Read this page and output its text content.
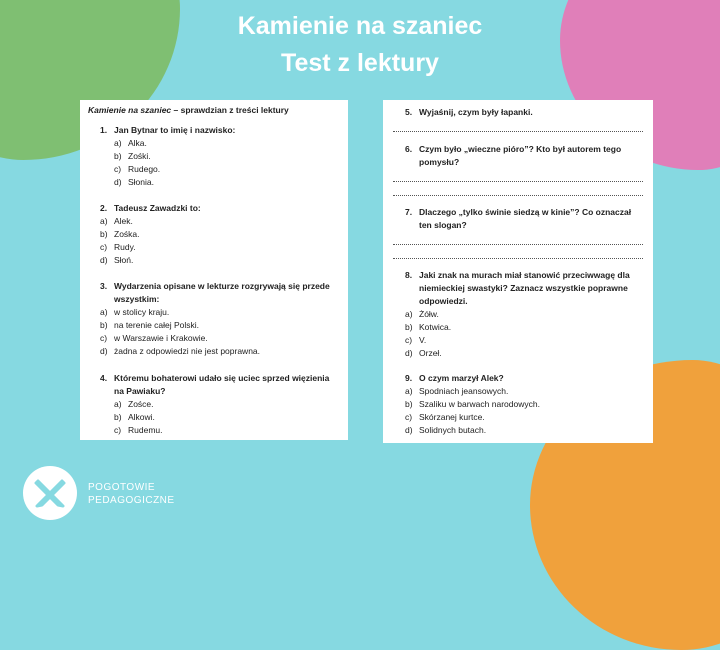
Kamienie na szaniec
Test z lektury
Kamienie na szaniec – sprawdzian z treści lektury
1. Jan Bytnar to imię i nazwisko:
a) Alka.
b) Zośki.
c) Rudego.
d) Słonia.
2. Tadeusz Zawadzki to:
a) Alek.
b) Zośka.
c) Rudy.
d) Słoń.
3. Wydarzenia opisane w lekturze rozgrywają się przede
wszystkim:
a) w stolicy kraju.
b) na terenie całej Polski.
c) w Warszawie i Krakowie.
d) żadna z odpowiedzi nie jest poprawna.
4. Któremu bohaterowi udało się uciec sprzed więzienia
na Pawiaku?
a) Zośce.
b) Alkowi.
c) Rudemu.
5. Wyjaśnij, czym były łapanki.
6. Czym było „wieczne pióro”? Kto był autorem tego
pomysłu?
7. Dlaczego „tylko świnie siedzą w kinie”? Co oznaczał
ten slogan?
8. Jaki znak na murach miał stanowić przeciwwagę dla
niemieckiej swastyki? Zaznacz wszystkie poprawne
odpowiedzi.
a) Żółw.
b) Kotwica.
c) V.
d) Orzeł.
9. O czym marzył Alek?
a) Spodniach jeansowych.
b) Szaliku w barwach narodowych.
c) Skórzanej kurtce.
d) Solidnych butach.
POGOTOWIE
PEDAGOGICZNE
